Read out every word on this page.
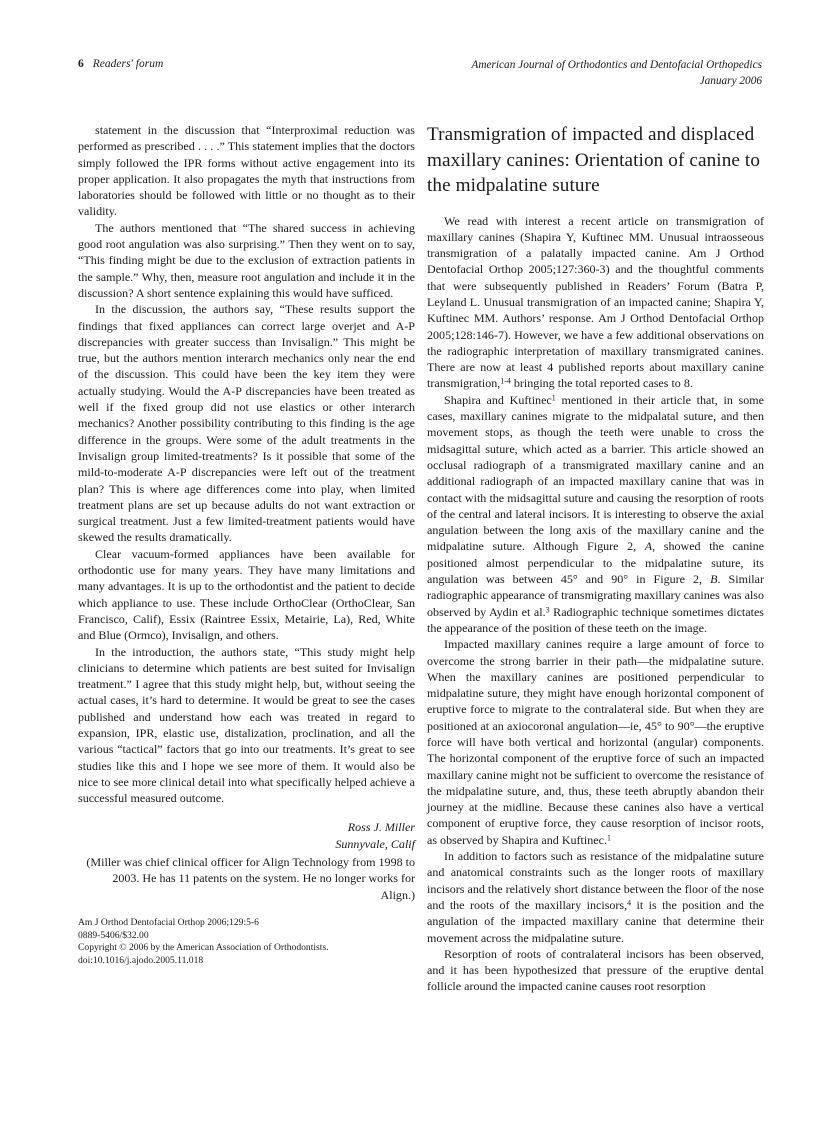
6 Readers' forum	American Journal of Orthodontics and Dentofacial Orthopedics
January 2006

statement in the discussion that “Interproximal reduction was performed as prescribed . . . .” This statement implies that the doctors simply followed the IPR forms without active engagement into its proper application. It also propagates the myth that instructions from laboratories should be followed with little or no thought as to their validity.

The authors mentioned that “The shared success in achieving good root angulation was also surprising.” Then they went on to say, “This finding might be due to the exclusion of extraction patients in the sample.” Why, then, measure root angulation and include it in the discussion? A short sentence explaining this would have sufficed.

In the discussion, the authors say, “These results support the findings that fixed appliances can correct large overjet and A-P discrepancies with greater success than Invisalign.” This might be true, but the authors mention interarch mechanics only near the end of the discussion. This could have been the key item they were actually studying. Would the A-P discrepancies have been treated as well if the fixed group did not use elastics or other interarch mechanics? Another possibility contributing to this finding is the age difference in the groups. Were some of the adult treatments in the Invisalign group limited-treatments? Is it possible that some of the mild-to-moderate A-P discrepancies were left out of the treatment plan? This is where age differences come into play, when limited treatment plans are set up because adults do not want extraction or surgical treatment. Just a few limited-treatment patients would have skewed the results dramatically.

Clear vacuum-formed appliances have been available for orthodontic use for many years. They have many limitations and many advantages. It is up to the orthodontist and the patient to decide which appliance to use. These include OrthoClear (OrthoClear, San Francisco, Calif), Essix (Raintree Essix, Metairie, La), Red, White and Blue (Ormco), Invisalign, and others.

In the introduction, the authors state, “This study might help clinicians to determine which patients are best suited for Invisalign treatment.” I agree that this study might help, but, without seeing the actual cases, it’s hard to determine. It would be great to see the cases published and understand how each was treated in regard to expansion, IPR, elastic use, distalization, proclination, and all the various “tactical” factors that go into our treatments. It’s great to see studies like this and I hope we see more of them. It would also be nice to see more clinical detail into what specifically helped achieve a successful measured outcome.

Ross J. Miller
Sunnyvale, Calif
(Miller was chief clinical officer for Align Technology from 1998 to 2003. He has 11 patents on the system. He no longer works for Align.)
Am J Orthod Dentofacial Orthop 2006;129:5-6
0889-5406/$32.00
Copyright © 2006 by the American Association of Orthodontists.
doi:10.1016/j.ajodo.2005.11.018
Transmigration of impacted and displaced maxillary canines: Orientation of canine to the midpalatine suture

We read with interest a recent article on transmigration of maxillary canines (Shapira Y, Kuftinec MM. Unusual intraosseous transmigration of a palatally impacted canine. Am J Orthod Dentofacial Orthop 2005;127:360-3) and the thoughtful comments that were subsequently published in Readers’ Forum (Batra P, Leyland L. Unusual transmigration of an impacted canine; Shapira Y, Kuftinec MM. Authors’ response. Am J Orthod Dentofacial Orthop 2005;128:146-7). However, we have a few additional observations on the radiographic interpretation of maxillary transmigrated canines. There are now at least 4 published reports about maxillary canine transmigration,$^{1-4}$ bringing the total reported cases to 8.

Shapira and Kuftinec$^1$ mentioned in their article that, in some cases, maxillary canines migrate to the midpalatal suture, and then movement stops, as though the teeth were unable to cross the midsagittal suture, which acted as a barrier. This article showed an occlusal radiograph of a transmigrated maxillary canine and an additional radiograph of an impacted maxillary canine that was in contact with the midsagittal suture and causing the resorption of roots of the central and lateral incisors. It is interesting to observe the axial angulation between the long axis of the maxillary canine and the midpalatine suture. Although Figure 2, A, showed the canine positioned almost perpendicular to the midpalatine suture, its angulation was between 45° and 90° in Figure 2, B. Similar radiographic appearance of transmigrating maxillary canines was also observed by Aydin et al.$^3$ Radiographic technique sometimes dictates the appearance of the position of these teeth on the image.

Impacted maxillary canines require a large amount of force to overcome the strong barrier in their path—the midpalatine suture. When the maxillary canines are positioned perpendicular to midpalatine suture, they might have enough horizontal component of eruptive force to migrate to the contralateral side. But when they are positioned at an axiocoronal angulation—ie, 45° to 90°—the eruptive force will have both vertical and horizontal (angular) components. The horizontal component of the eruptive force of such an impacted maxillary canine might not be sufficient to overcome the resistance of the midpalatine suture, and, thus, these teeth abruptly abandon their journey at the midline. Because these canines also have a vertical component of eruptive force, they cause resorption of incisor roots, as observed by Shapira and Kuftinec.$^1$

In addition to factors such as resistance of the midpalatine suture and anatomical constraints such as the longer roots of maxillary incisors and the relatively short distance between the floor of the nose and the roots of the maxillary incisors,$^4$ it is the position and the angulation of the impacted maxillary canine that determine their movement across the midpalatine suture.

Resorption of roots of contralateral incisors has been observed, and it has been hypothesized that pressure of the eruptive dental follicle around the impacted canine causes root resorption
